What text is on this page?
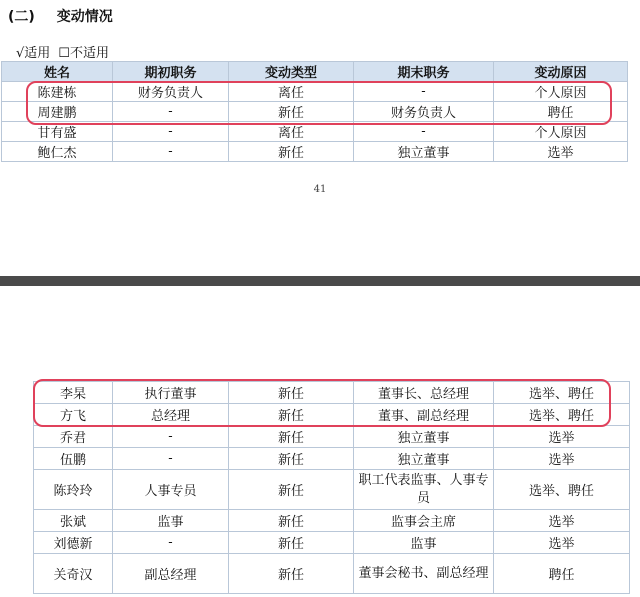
(二) 变动情况
√适用 ☐不适用
姓名	期初职务	变动类型	期末职务	变动原因
陈建栋	财务负责人	离任	-	个人原因
周建鹏	-	新任	财务负责人	聘任
甘有盛	-	离任	-	个人原因
鲍仁杰	-	新任	独立董事	选举
41
李杲	执行董事	新任	董事长、总经理	选举、聘任
方飞	总经理	新任	董事、副总经理	选举、聘任
乔君	-	新任	独立董事	选举
伍鹏	-	新任	独立董事	选举
陈玲玲	人事专员	新任	职工代表监事、人事专员	选举、聘任
张斌	监事	新任	监事会主席	选举
刘德新	-	新任	监事	选举
关奇汉	副总经理	新任	董事会秘书、副总经理	聘任
